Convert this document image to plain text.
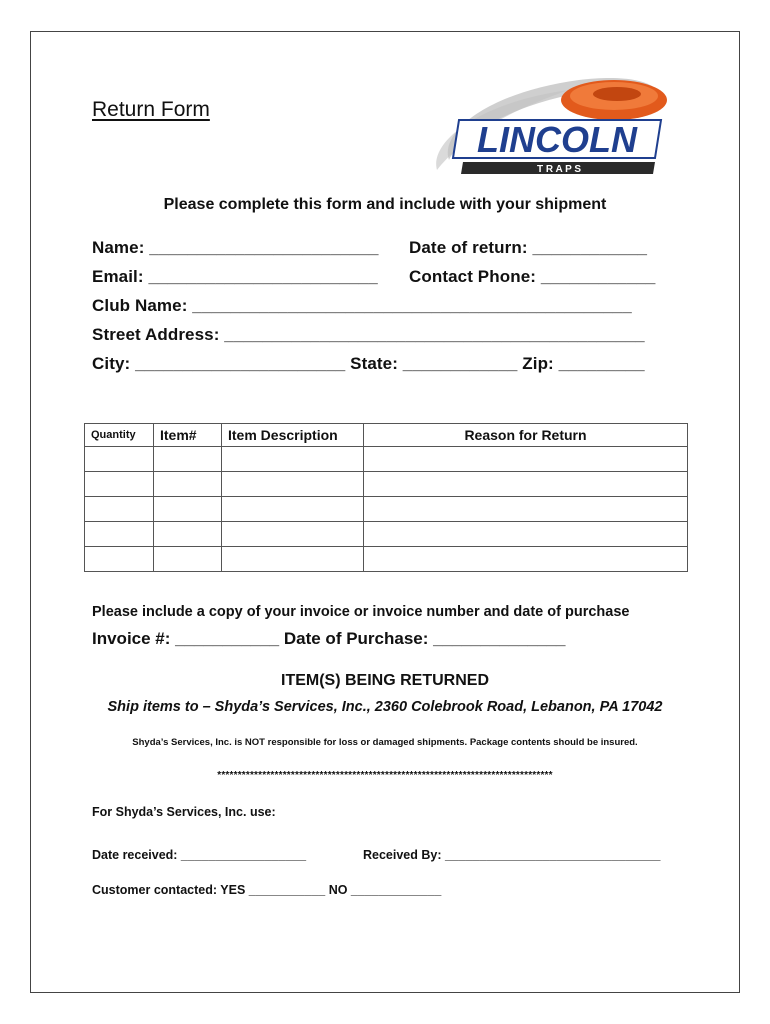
Return Form
LINCOLN
T R A P S
Please complete this form and include with your shipment
Name: ________________________ Date of return: ____________
Email: ________________________ Contact Phone: ____________
Club Name: ______________________________________________
Street Address: ____________________________________________
City: ______________________ State: ____________ Zip: _________
Quantity	Item#	Item Description	Reason for Return

Please include a copy of your invoice or invoice number and date of purchase
Invoice #: ___________ Date of Purchase: ______________
ITEM(S) BEING RETURNED
Ship items to – Shyda’s Services, Inc., 2360 Colebrook Road, Lebanon, PA 17042
Shyda’s Services, Inc. is NOT responsible for loss or damaged shipments. Package contents should be insured.
**********************************************************************************
For Shyda’s Services, Inc. use:
Date received: __________________	Received By: _______________________________
Customer contacted: YES ___________ NO _____________
